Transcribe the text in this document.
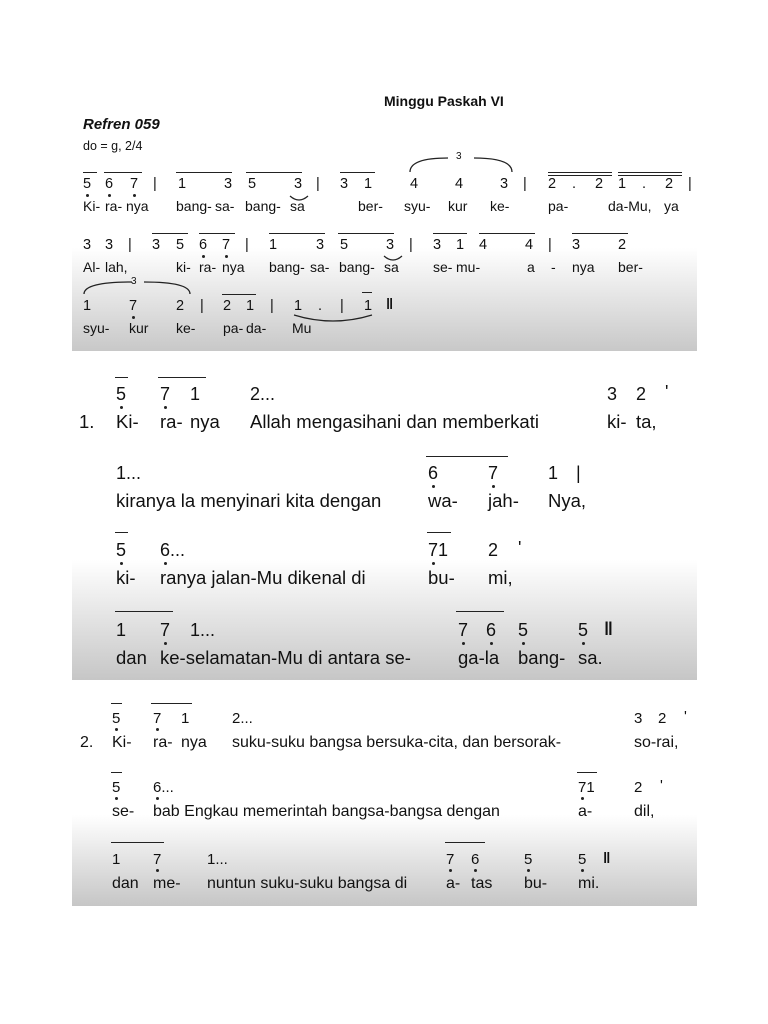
Minggu Paskah VI
Refren 059
do = g, 2/4
5 6 7 | 1	3 5	3 | 3 1	4	4	3 | 2 . 2 1 . 2 |
3
Ki- ra- nya bang- sa- bang- sa	ber- syu- kur ke-	pa-	da-Mu, ya
3 3 | 3 5 6 7 | 1	3 5	3 | 3 1 4	4 | 3	2
Al- lah,	ki- ra- nya bang- sa- bang- sa se- mu-	a - nya ber-
3
1	7	2 | 2 1 | 1 . | 1 ‖
syu- kur ke- pa- da- Mu
5 7 1	2...	3 2 '
1. Ki- ra- nya Allah mengasihani dan memberkati	ki- ta,
1...	6	7	1 |
kiranya la menyinari kita dengan	wa- jah- Nya,
5 6...	71 2 '
ki- ranya jalan-Mu dikenal di	bu- mi,
1 7 1...	7 6 5	5 ‖
dan ke-selamatan-Mu di antara se-	ga-la bang- sa.
5 7 1	2...	3 2 '
2. Ki- ra- nya suku-suku bangsa bersuka-cita, dan bersorak-	so-rai,
5 6...	71	2 '
se- bab Engkau memerintah bangsa-bangsa dengan	a-	dil,
1 7	1...	7 6	5	5 ‖
dan me- nuntun suku-suku bangsa di a- tas bu- mi.
